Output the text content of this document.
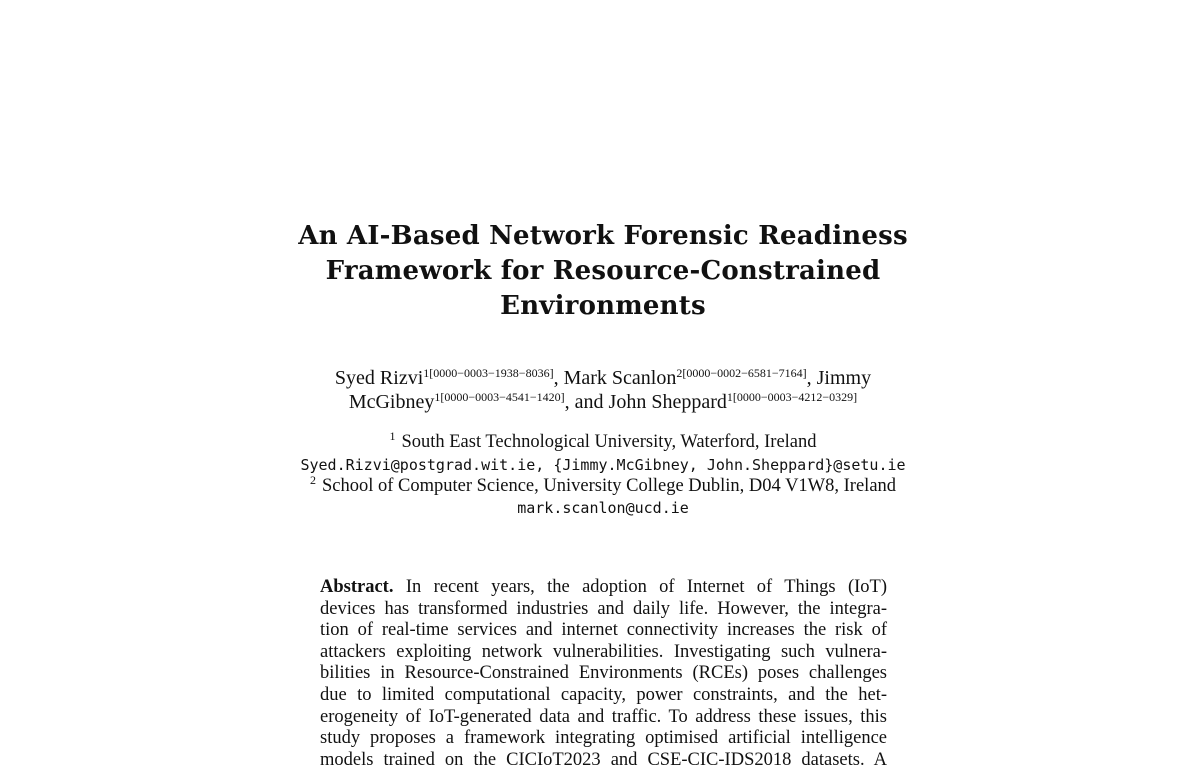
An AI-Based Network Forensic Readiness
Framework for Resource-Constrained
Environments
Syed Rizvi$^{1[0000-0003-1938-8036]}$, Mark Scanlon$^{2[0000-0002-6581-7164]}$, Jimmy
McGibney$^{1[0000-0003-4541-1420]}$, and John Sheppard$^{1[0000-0003-4212-0329]}$
$^1$ South East Technological University, Waterford, Ireland
Syed.Rizvi@postgrad.wit.ie, {Jimmy.McGibney, John.Sheppard}@setu.ie
$^2$ School of Computer Science, University College Dublin, D04 V1W8, Ireland
mark.scanlon@ucd.ie
Abstract. In recent years, the adoption of Internet of Things (IoT)
devices has transformed industries and daily life. However, the integra-
tion of real-time services and internet connectivity increases the risk of
attackers exploiting network vulnerabilities. Investigating such vulnera-
bilities in Resource-Constrained Environments (RCEs) poses challenges
due to limited computational capacity, power constraints, and the het-
erogeneity of IoT-generated data and traffic. To address these issues, this
study proposes a framework integrating optimised artificial intelligence
models trained on the CICIoT2023 and CSE-CIC-IDS2018 datasets. A
